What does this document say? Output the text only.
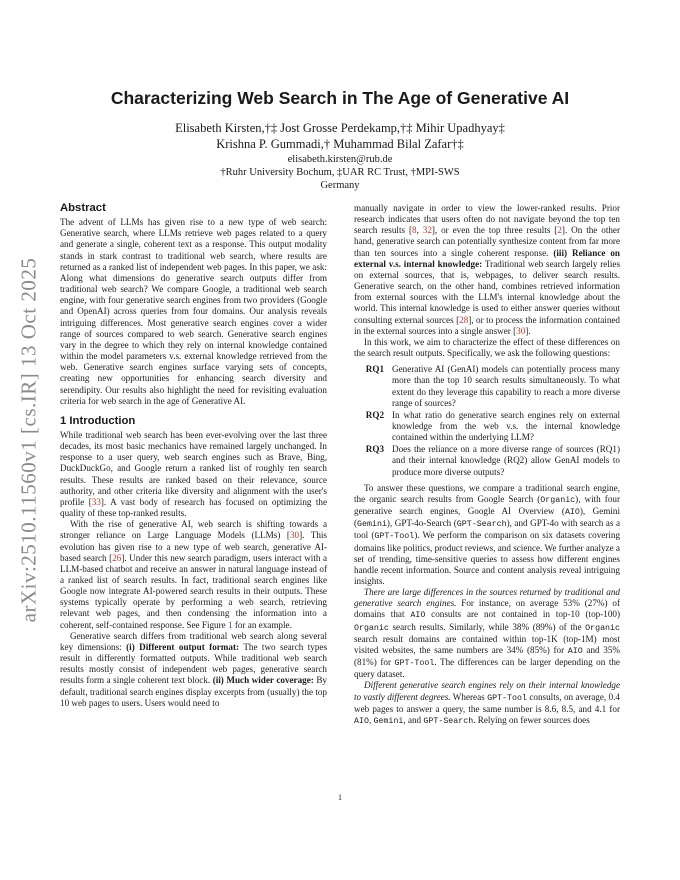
arXiv:2510.11560v1 [cs.IR] 13 Oct 2025
Characterizing Web Search in The Age of Generative AI
Elisabeth Kirsten,†‡ Jost Grosse Perdekamp,†‡ Mihir Upadhyay‡
Krishna P. Gummadi,† Muhammad Bilal Zafar†‡
elisabeth.kirsten@rub.de
†Ruhr University Bochum, ‡UAR RC Trust, †MPI-SWS
Germany
Abstract

The advent of LLMs has given rise to a new type of web search: Generative search, where LLMs retrieve web pages related to a query and generate a single, coherent text as a response. This output modality stands in stark contrast to traditional web search, where results are returned as a ranked list of independent web pages. In this paper, we ask: Along what dimensions do generative search outputs differ from traditional web search? We compare Google, a traditional web search engine, with four generative search engines from two providers (Google and OpenAI) across queries from four domains. Our analysis reveals intriguing differences. Most generative search engines cover a wider range of sources compared to web search. Generative search engines vary in the degree to which they rely on internal knowledge contained within the model parameters v.s. external knowledge retrieved from the web. Generative search engines surface varying sets of concepts, creating new opportunities for enhancing search diversity and serendipity. Our results also highlight the need for revisiting evaluation criteria for web search in the age of Generative AI.

1 Introduction

While traditional web search has been ever-evolving over the last three decades, its most basic mechanics have remained largely unchanged. In response to a user query, web search engines such as Brave, Bing, DuckDuckGo, and Google return a ranked list of roughly ten search results. These results are ranked based on their relevance, source authority, and other criteria like diversity and alignment with the user's profile [33]. A vast body of research has focused on optimizing the quality of these top-ranked results.

With the rise of generative AI, web search is shifting towards a stronger reliance on Large Language Models (LLMs) [30]. This evolution has given rise to a new type of web search, generative AI-based search [26]. Under this new search paradigm, users interact with a LLM-based chatbot and receive an answer in natural language instead of a ranked list of search results. In fact, traditional search engines like Google now integrate AI-powered search results in their outputs. These systems typically operate by performing a web search, retrieving relevant web pages, and then condensing the information into a coherent, self-contained response. See Figure 1 for an example.

Generative search differs from traditional web search along several key dimensions: (i) Different output format: The two search types result in differently formatted outputs. While traditional web search results mostly consist of independent web pages, generative search results form a single coherent text block. (ii) Much wider coverage: By default, traditional search engines display excerpts from (usually) the top 10 web pages to users. Users would need to

manually navigate in order to view the lower-ranked results. Prior research indicates that users often do not navigate beyond the top ten search results [8, 32], or even the top three results [2]. On the other hand, generative search can potentially synthesize content from far more than ten sources into a single coherent response. (iii) Reliance on external v.s. internal knowledge: Traditional web search largely relies on external sources, that is, webpages, to deliver search results. Generative search, on the other hand, combines retrieved information from external sources with the LLM's internal knowledge about the world. This internal knowledge is used to either answer queries without consulting external sources [28], or to process the information contained in the external sources into a single answer [30].

In this work, we aim to characterize the effect of these differences on the search result outputs. Specifically, we ask the following questions:

RQ1 Generative AI (GenAI) models can potentially process many more than the top 10 search results simultaneously. To what extent do they leverage this capability to reach a more diverse range of sources?
RQ2 In what ratio do generative search engines rely on external knowledge from the web v.s. the internal knowledge contained within the underlying LLM?
RQ3 Does the reliance on a more diverse range of sources (RQ1) and their internal knowledge (RQ2) allow GenAI models to produce more diverse outputs?

To answer these questions, we compare a traditional search engine, the organic search results from Google Search (Organic), with four generative search engines, Google AI Overview (AIO), Gemini (Gemini), GPT-4o-Search (GPT-Search), and GPT-4o with search as a tool (GPT-Tool). We perform the comparison on six datasets covering domains like politics, product reviews, and science. We further analyze a set of trending, time-sensitive queries to assess how different engines handle recent information. Source and content analysis reveal intriguing insights.

There are large differences in the sources returned by traditional and generative search engines. For instance, on average 53% (27%) of domains that AIO consults are not contained in top-10 (top-100) Organic search results. Similarly, while 38% (89%) of the Organic search result domains are contained within top-1K (top-1M) most visited websites, the same numbers are 34% (85%) for AIO and 35% (81%) for GPT-Tool. The differences can be larger depending on the query dataset.

Different generative search engines rely on their internal knowledge to vastly different degrees. Whereas GPT-Tool consults, on average, 0.4 web pages to answer a query, the same number is 8.6, 8.5, and 4.1 for AIO, Gemini, and GPT-Search. Relying on fewer sources does

1
